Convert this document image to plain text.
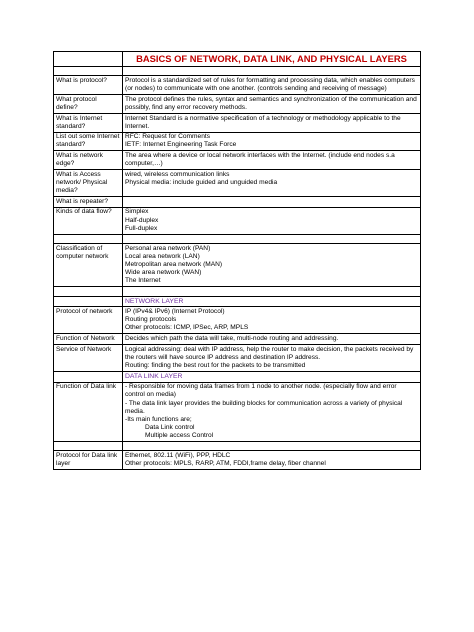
	BASICS OF NETWORK, DATA LINK, AND PHYSICAL LAYERS

What is protocol?	Protocol is a standardized set of rules for formatting and processing data, which enables computers (or nodes) to communicate with one another. (controls sending and receiving of message)
What protocol define?	The protocol defines the rules, syntax and semantics and synchronization of the communication and possibly, find any error recovery methods.
What is Internet standard?	Internet Standard is a normative specification of a technology or methodology applicable to the Internet.
List out some Internet standard?	RFC: Request for Comments
IETF: Internet Engineering Task Force

What is network edge?	The area where a device or local network interfaces with the Internet. (include end nodes s.a computer,…)
What is Access network/ Physical media?	wired, wireless communication links
Physical media: include guided and unguided media

What is repeater?	
Kinds of data flow?	Simplex
Half-duplex
Full-duplex

Classification of computer network	Personal area network (PAN)
Local area network (LAN)
Metropolitan area network (MAN)
Wide area network (WAN)
The Internet

	NETWORK LAYER
Protocol of network	IP (IPv4& IPv6) (Internet Protocol)
Routing protocols
Other protocols: ICMP, IPSec, ARP, MPLS

Function of Network	Decides which path the data will take, multi-node routing and addressing.
Service of Network	Logical addressing: deal with IP address, help the router to make decision, the packets received by the routers will have source IP address and destination IP address.
Routing: finding the best rout for the packets to be transmitted

	DATA LINK LAYER
Function of Data link	- Responsible for moving data frames from 1 node to another node. (especially flow and error control on media)
- The data link layer provides the building blocks for communication across a variety of physical media.
-Its main functions are;
Data Link control
Multiple access Control

Protocol for Data link layer	Ethernet, 802.11 (WiFi), PPP, HDLC
Other protocols: MPLS, RARP, ATM, FDDI,frame delay, fiber channel
